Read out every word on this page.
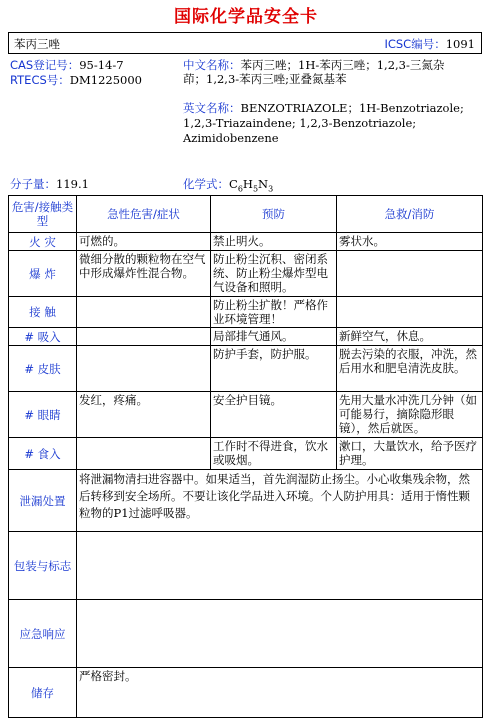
国际化学品安全卡
苯丙三唑	ICSC编号：1091
CAS登记号：95-14-7
RTECS号：DM1225000
中文名称：苯丙三唑；1H-苯丙三唑；1,2,3-三氮杂
茚；1,2,3-苯丙三唑;亚叠氮基苯
英文名称：BENZOTRIAZOLE；1H-Benzotriazole;
1,2,3-Triazaindene; 1,2,3-Benzotriazole;
Azimidobenzene
分子量：119.1	化学式：$C_6H_5N_3$
危害/接触类型	急性危害/症状	预防	急救/消防
火 灾	可燃的。	禁止明火。	雾状水。
爆 炸	微细分散的颗粒物在空气中形成爆炸性混合物。	防止粉尘沉积、密闭系统、防止粉尘爆炸型电气设备和照明。	
接 触		防止粉尘扩散！严格作业环境管理！	
# 吸入		局部排气通风。	新鲜空气，休息。
# 皮肤		防护手套，防护服。	脱去污染的衣服，冲洗，然后用水和肥皂清洗皮肤。
# 眼睛	发红，疼痛。	安全护目镜。	先用大量水冲洗几分钟（如可能易行，摘除隐形眼镜），然后就医。
# 食入		工作时不得进食，饮水或吸烟。	漱口，大量饮水，给予医疗护理。
泄漏处置	将泄漏物清扫进容器中。如果适当，首先润湿防止扬尘。小心收集残余物，然后转移到安全场所。不要让该化学品进入环境。个人防护用具：适用于惰性颗粒物的P1过滤呼吸器。		
包装与标志			
应急响应			
储存	严格密封。		
